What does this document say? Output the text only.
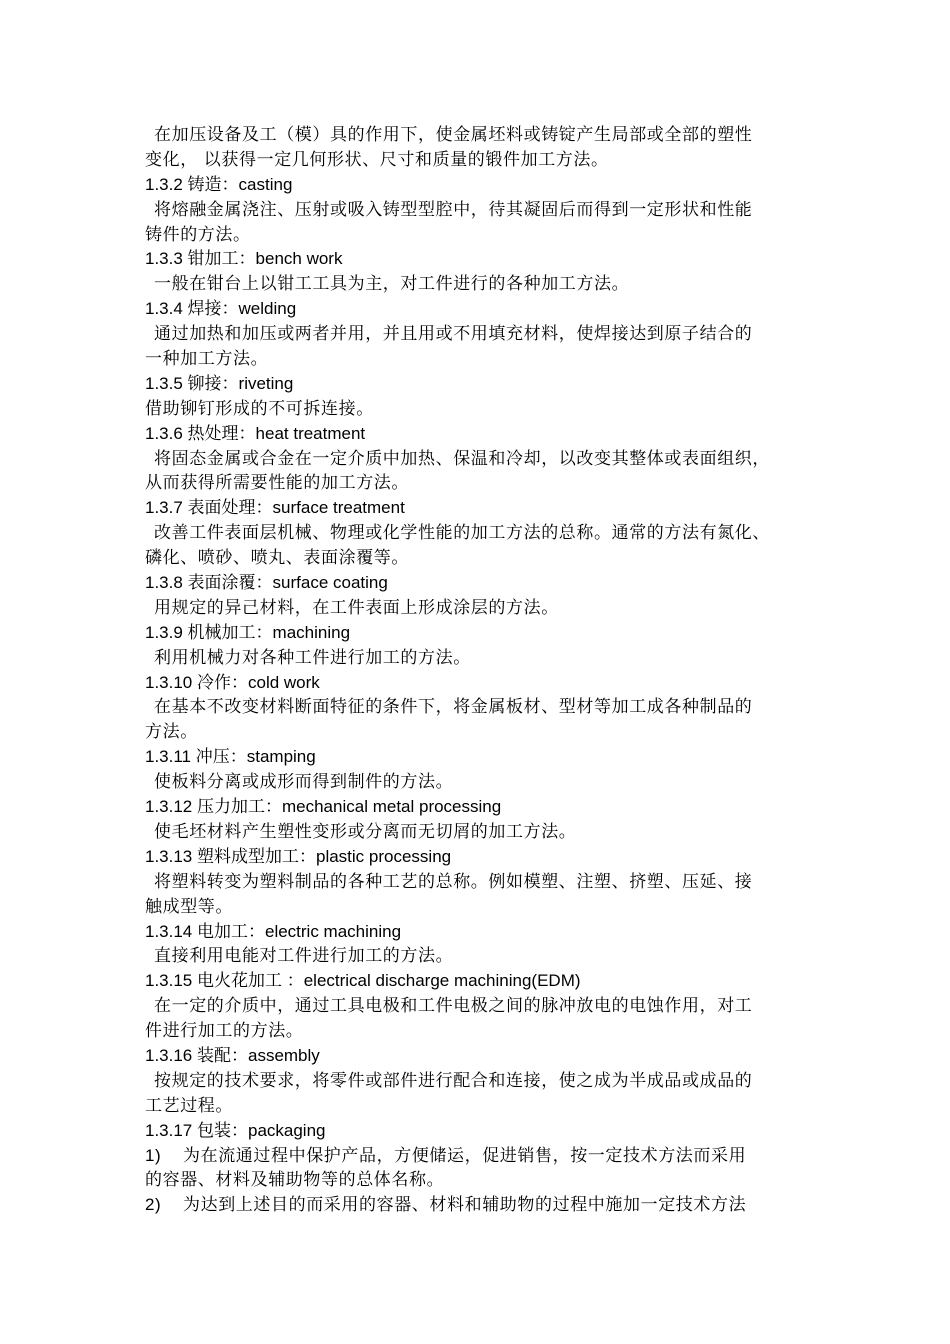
在加压设备及工（模）具的作用下，使金属坯料或铸锭产生局部或全部的塑性
变化， 以获得一定几何形状、尺寸和质量的锻件加工方法。
1.3.2 铸造：casting
将熔融金属浇注、压射或吸入铸型型腔中，待其凝固后而得到一定形状和性能
铸件的方法。
1.3.3 钳加工：bench work
一般在钳台上以钳工工具为主，对工件进行的各种加工方法。
1.3.4 焊接：welding
通过加热和加压或两者并用，并且用或不用填充材料，使焊接达到原子结合的
一种加工方法。
1.3.5 铆接：riveting
借助铆钉形成的不可拆连接。
1.3.6 热处理：heat treatment
将固态金属或合金在一定介质中加热、保温和冷却，以改变其整体或表面组织，
从而获得所需要性能的加工方法。
1.3.7 表面处理：surface treatment
改善工件表面层机械、物理或化学性能的加工方法的总称。通常的方法有氮化、
磷化、喷砂、喷丸、表面涂覆等。
1.3.8 表面涂覆：surface coating
用规定的异己材料，在工件表面上形成涂层的方法。
1.3.9 机械加工：machining
利用机械力对各种工件进行加工的方法。
1.3.10 冷作：cold work
在基本不改变材料断面特征的条件下，将金属板材、型材等加工成各种制品的
方法。
1.3.11 冲压：stamping
使板料分离或成形而得到制件的方法。
1.3.12 压力加工：mechanical metal processing
使毛坯材料产生塑性变形或分离而无切屑的加工方法。
1.3.13 塑料成型加工：plastic processing
将塑料转变为塑料制品的各种工艺的总称。例如模塑、注塑、挤塑、压延、接
触成型等。
1.3.14 电加工：electric machining
直接利用电能对工件进行加工的方法。
1.3.15 电火花加工 ：electrical discharge machining(EDM)
在一定的介质中，通过工具电极和工件电极之间的脉冲放电的电蚀作用，对工
件进行加工的方法。
1.3.16 装配：assembly
按规定的技术要求，将零件或部件进行配合和连接，使之成为半成品或成品的
工艺过程。
1.3.17 包装：packaging
1) 为在流通过程中保护产品，方便储运，促进销售，按一定技术方法而采用
的容器、材料及辅助物等的总体名称。
2) 为达到上述目的而采用的容器、材料和辅助物的过程中施加一定技术方法
